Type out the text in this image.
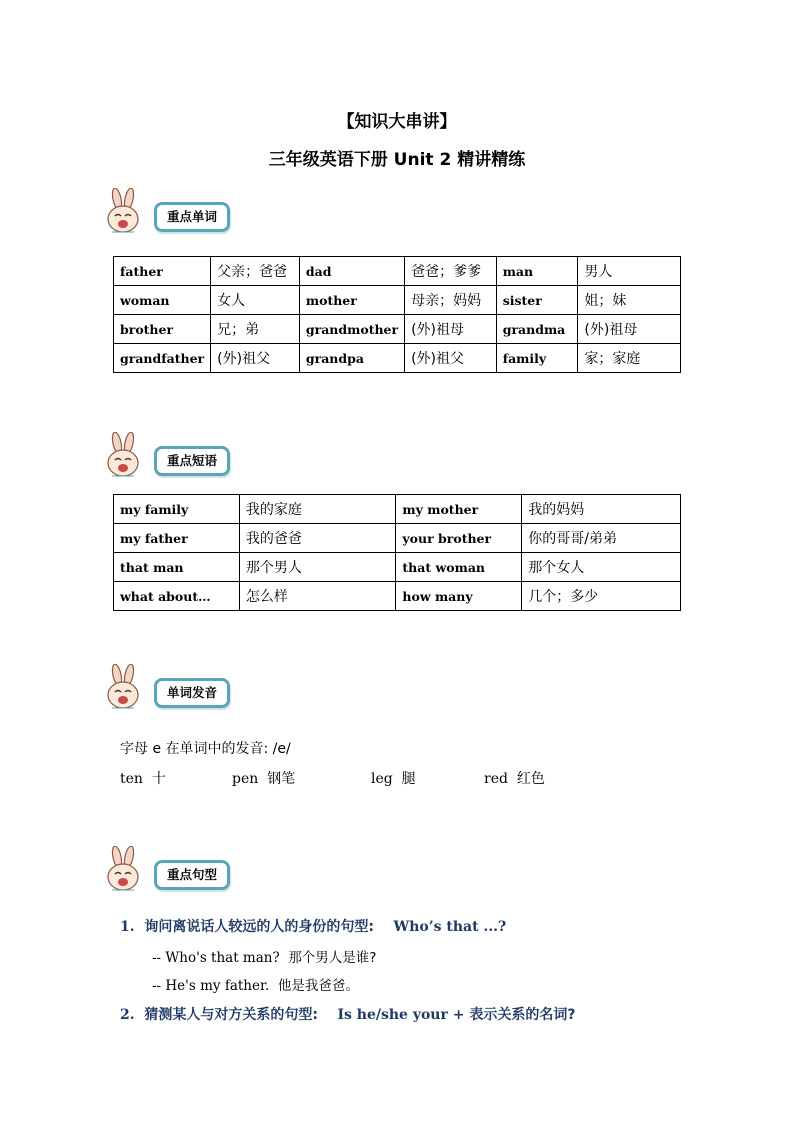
【知识大串讲】
三年级英语下册 Unit 2 精讲精练
重点单词
father	父亲；爸爸	dad	爸爸；爹爹	man	男人
woman	女人	mother	母亲；妈妈	sister	姐；妹
brother	兄；弟	grandmother	(外)祖母	grandma	(外)祖母
grandfather	(外)祖父	grandpa	(外)祖父	family	家；家庭
重点短语
my family	我的家庭	my mother	我的妈妈
my father	我的爸爸	your brother	你的哥哥/弟弟
that man	那个男人	that woman	那个女人
what about…	怎么样	how many	几个；多少
单词发音
字母 e 在单词中的发音: /e/
ten 十	pen 钢笔	leg 腿	red 红色
重点句型
1. 询问离说话人较远的人的身份的句型: Who’s that ...?
-- Who's that man? 那个男人是谁?
-- He's my father. 他是我爸爸。
2. 猜测某人与对方关系的句型: Is he/she your + 表示关系的名词?
